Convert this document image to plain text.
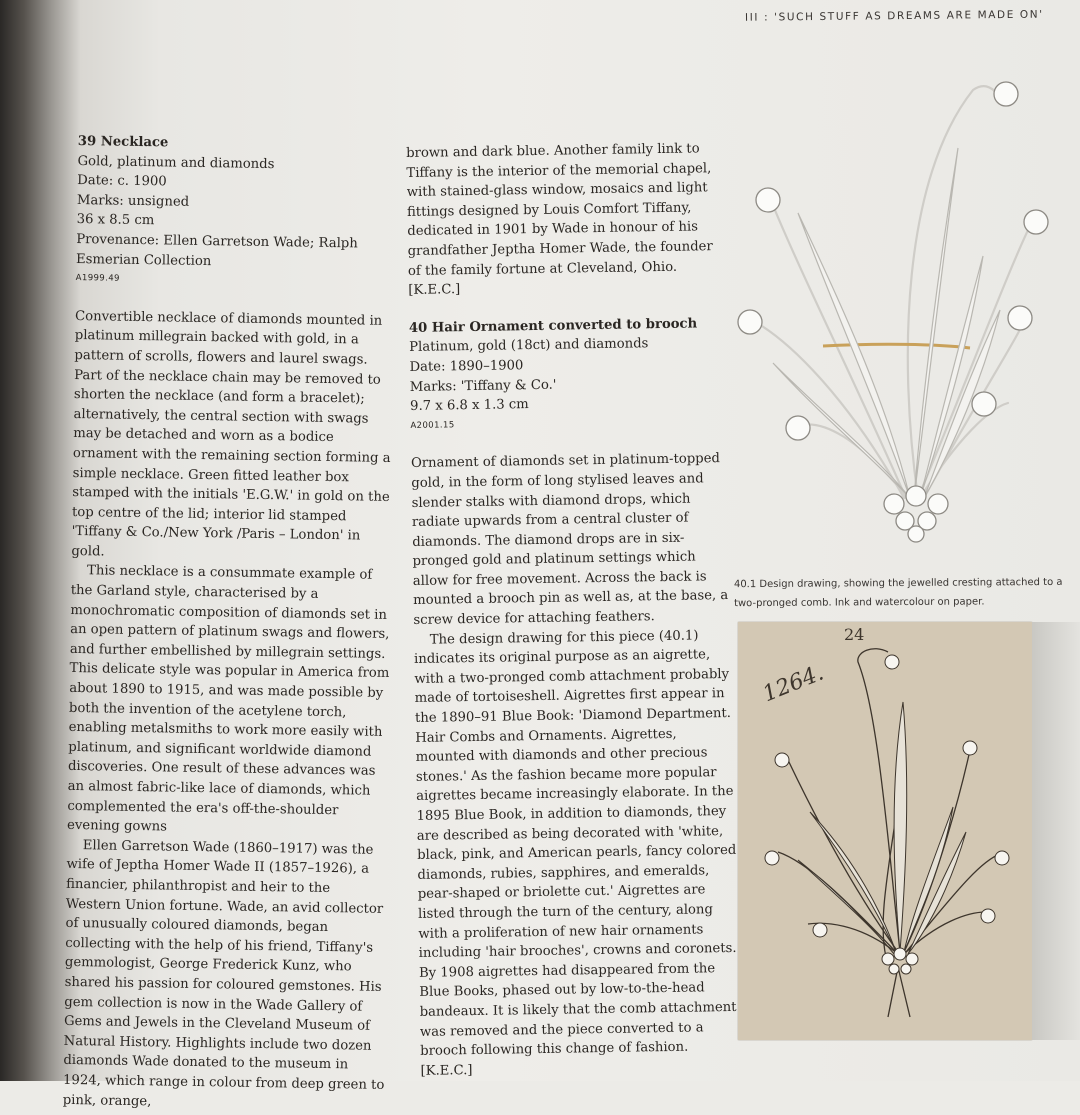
III : 'SUCH STUFF AS DREAMS ARE MADE ON'

39 Necklace

Gold, platinum and diamonds

Date: c. 1900

Marks: unsigned

36 x 8.5 cm

Provenance: Ellen Garretson Wade; Ralph Esmerian Collection

A1999.49

Convertible necklace of diamonds mounted in platinum millegrain backed with gold, in a pattern of scrolls, flowers and laurel swags. Part of the necklace chain may be removed to shorten the necklace (and form a bracelet); alternatively, the central section with swags may be detached and worn as a bodice ornament with the remaining section forming a simple necklace. Green fitted leather box stamped with the initials 'E.G.W.' in gold on the top centre of the lid; interior lid stamped 'Tiffany & Co./New York /Paris – London' in gold.

This necklace is a consummate example of the Garland style, characterised by a monochromatic composition of diamonds set in an open pattern of platinum swags and flowers, and further embellished by millegrain settings. This delicate style was popular in America from about 1890 to 1915, and was made possible by both the invention of the acetylene torch, enabling metalsmiths to work more easily with platinum, and significant worldwide diamond discoveries. One result of these advances was an almost fabric-like lace of diamonds, which complemented the era's off-the-shoulder evening gowns

Ellen Garretson Wade (1860–1917) was the wife of Jeptha Homer Wade II (1857–1926), a financier, philanthropist and heir to the Western Union fortune. Wade, an avid collector of unusually coloured diamonds, began collecting with the help of his friend, Tiffany's gemmologist, George Frederick Kunz, who shared his passion for coloured gemstones. His gem collection is now in the Wade Gallery of Gems and Jewels in the Cleveland Museum of Natural History. Highlights include two dozen diamonds Wade donated to the museum in 1924, which range in colour from deep green to pink, orange,

brown and dark blue. Another family link to Tiffany is the interior of the memorial chapel, with stained-glass window, mosaics and light fittings designed by Louis Comfort Tiffany, dedicated in 1901 by Wade in honour of his grandfather Jeptha Homer Wade, the founder of the family fortune at Cleveland, Ohio. [K.E.C.]

40 Hair Ornament converted to brooch

Platinum, gold (18ct) and diamonds

Date: 1890–1900

Marks: 'Tiffany & Co.'

9.7 x 6.8 x 1.3 cm

A2001.15

Ornament of diamonds set in platinum-topped gold, in the form of long stylised leaves and slender stalks with diamond drops, which radiate upwards from a central cluster of diamonds. The diamond drops are in six-pronged gold and platinum settings which allow for free movement. Across the back is mounted a brooch pin as well as, at the base, a screw device for attaching feathers.

The design drawing for this piece (40.1) indicates its original purpose as an aigrette, with a two-pronged comb attachment probably made of tortoiseshell. Aigrettes first appear in the 1890–91 Blue Book: 'Diamond Department. Hair Combs and Ornaments. Aigrettes, mounted with diamonds and other precious stones.' As the fashion became more popular aigrettes became increasingly elaborate. In the 1895 Blue Book, in addition to diamonds, they are described as being decorated with 'white, black, pink, and American pearls, fancy colored diamonds, rubies, sapphires, and emeralds, pear-shaped or briolette cut.' Aigrettes are listed through the turn of the century, along with a proliferation of new hair ornaments including 'hair brooches', crowns and coronets. By 1908 aigrettes had disappeared from the Blue Books, phased out by low-to-the-head bandeaux. It is likely that the comb attachment was removed and the piece converted to a brooch following this change of fashion. [K.E.C.]

40.1 Design drawing, showing the jewelled cresting attached to a two-pronged comb. Ink and watercolour on paper.
1264.
24
